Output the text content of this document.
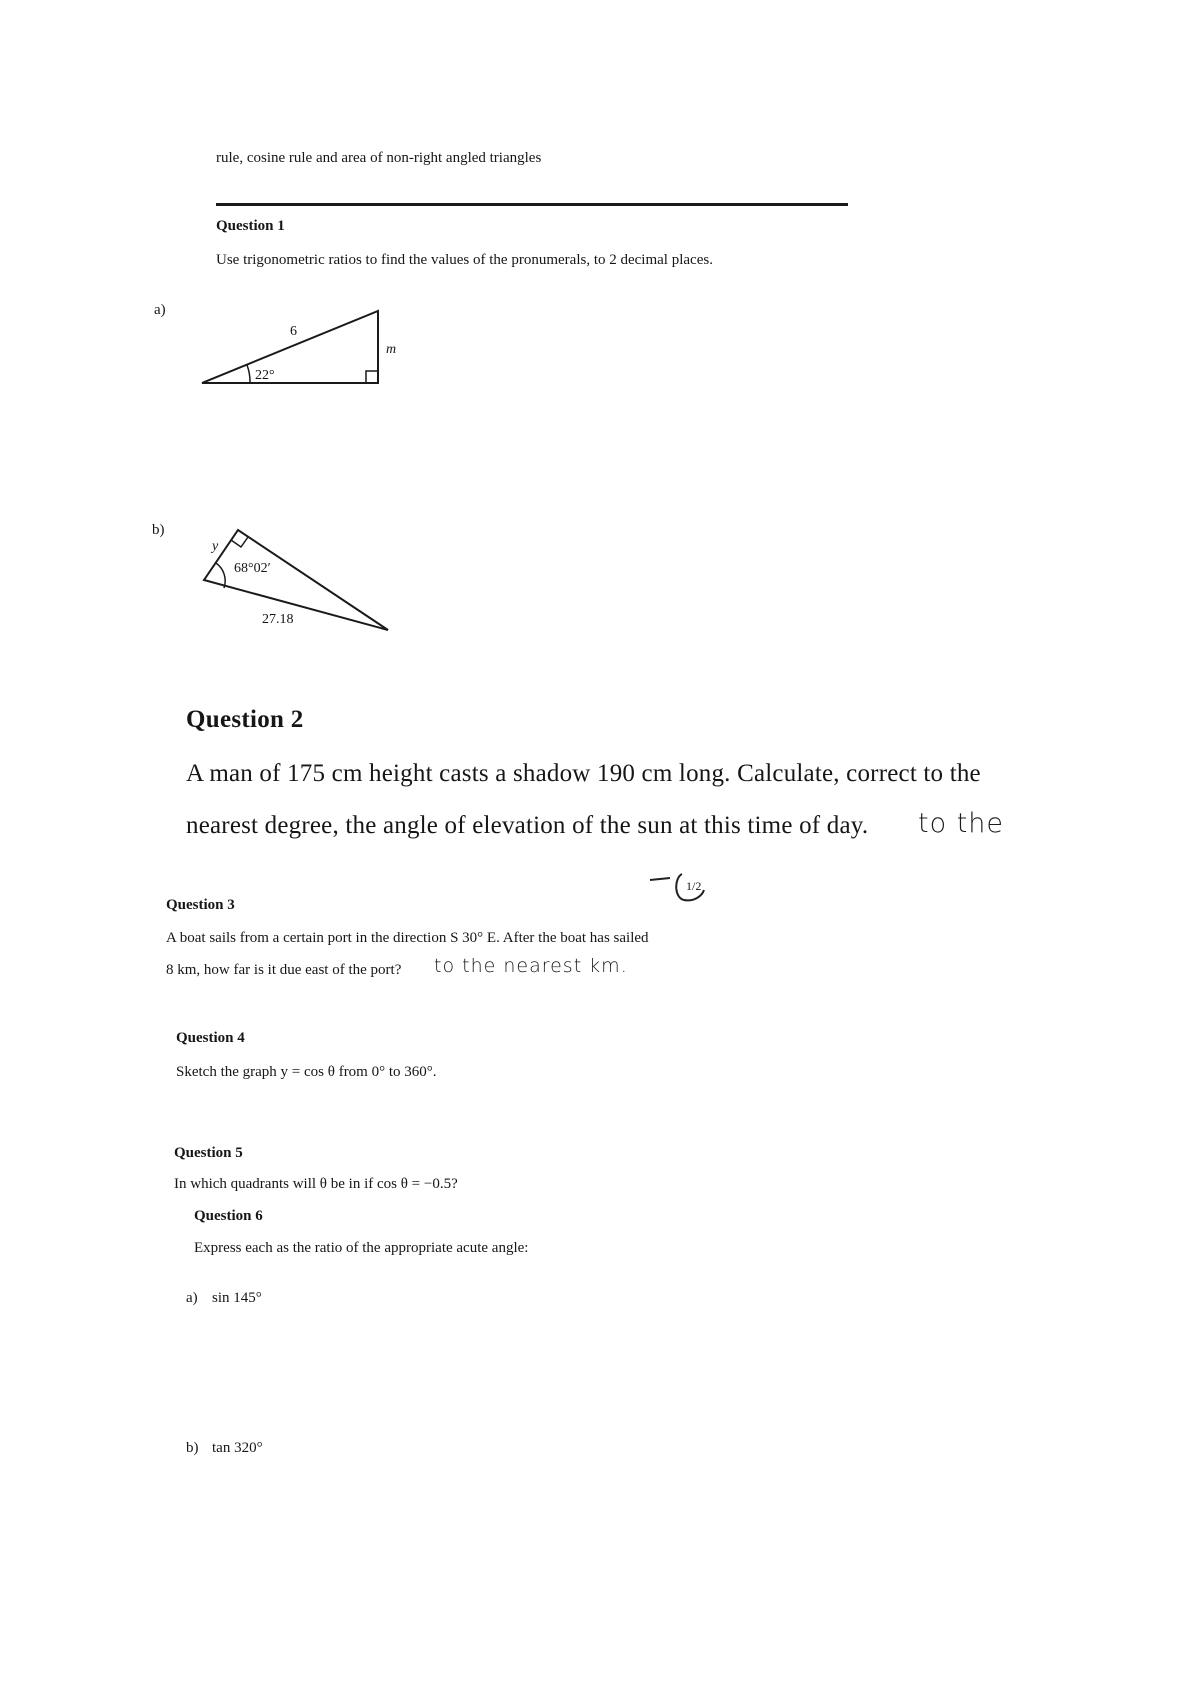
rule, cosine rule and area of non-right angled triangles
Question 1
Use trigonometric ratios to find the values of the pronumerals, to 2 decimal places.
a)
6
22°
m
b)
y
68°02′
27.18
Question 2
A man of 175 cm height casts a shadow 190 cm long. Calculate, correct to the
nearest degree, the angle of elevation of the sun at this time of day. to the
1/2
Question 3
A boat sails from a certain port in the direction S 30° E. After the boat has sailed
8 km, how far is it due east of the port? to the nearest km.
Question 4
Sketch the graph y = cos θ from 0° to 360°.
Question 5
In which quadrants will θ be in if cos θ = −0.5?
Question 6
Express each as the ratio of the appropriate acute angle:
a) sin 145°
b) tan 320°
